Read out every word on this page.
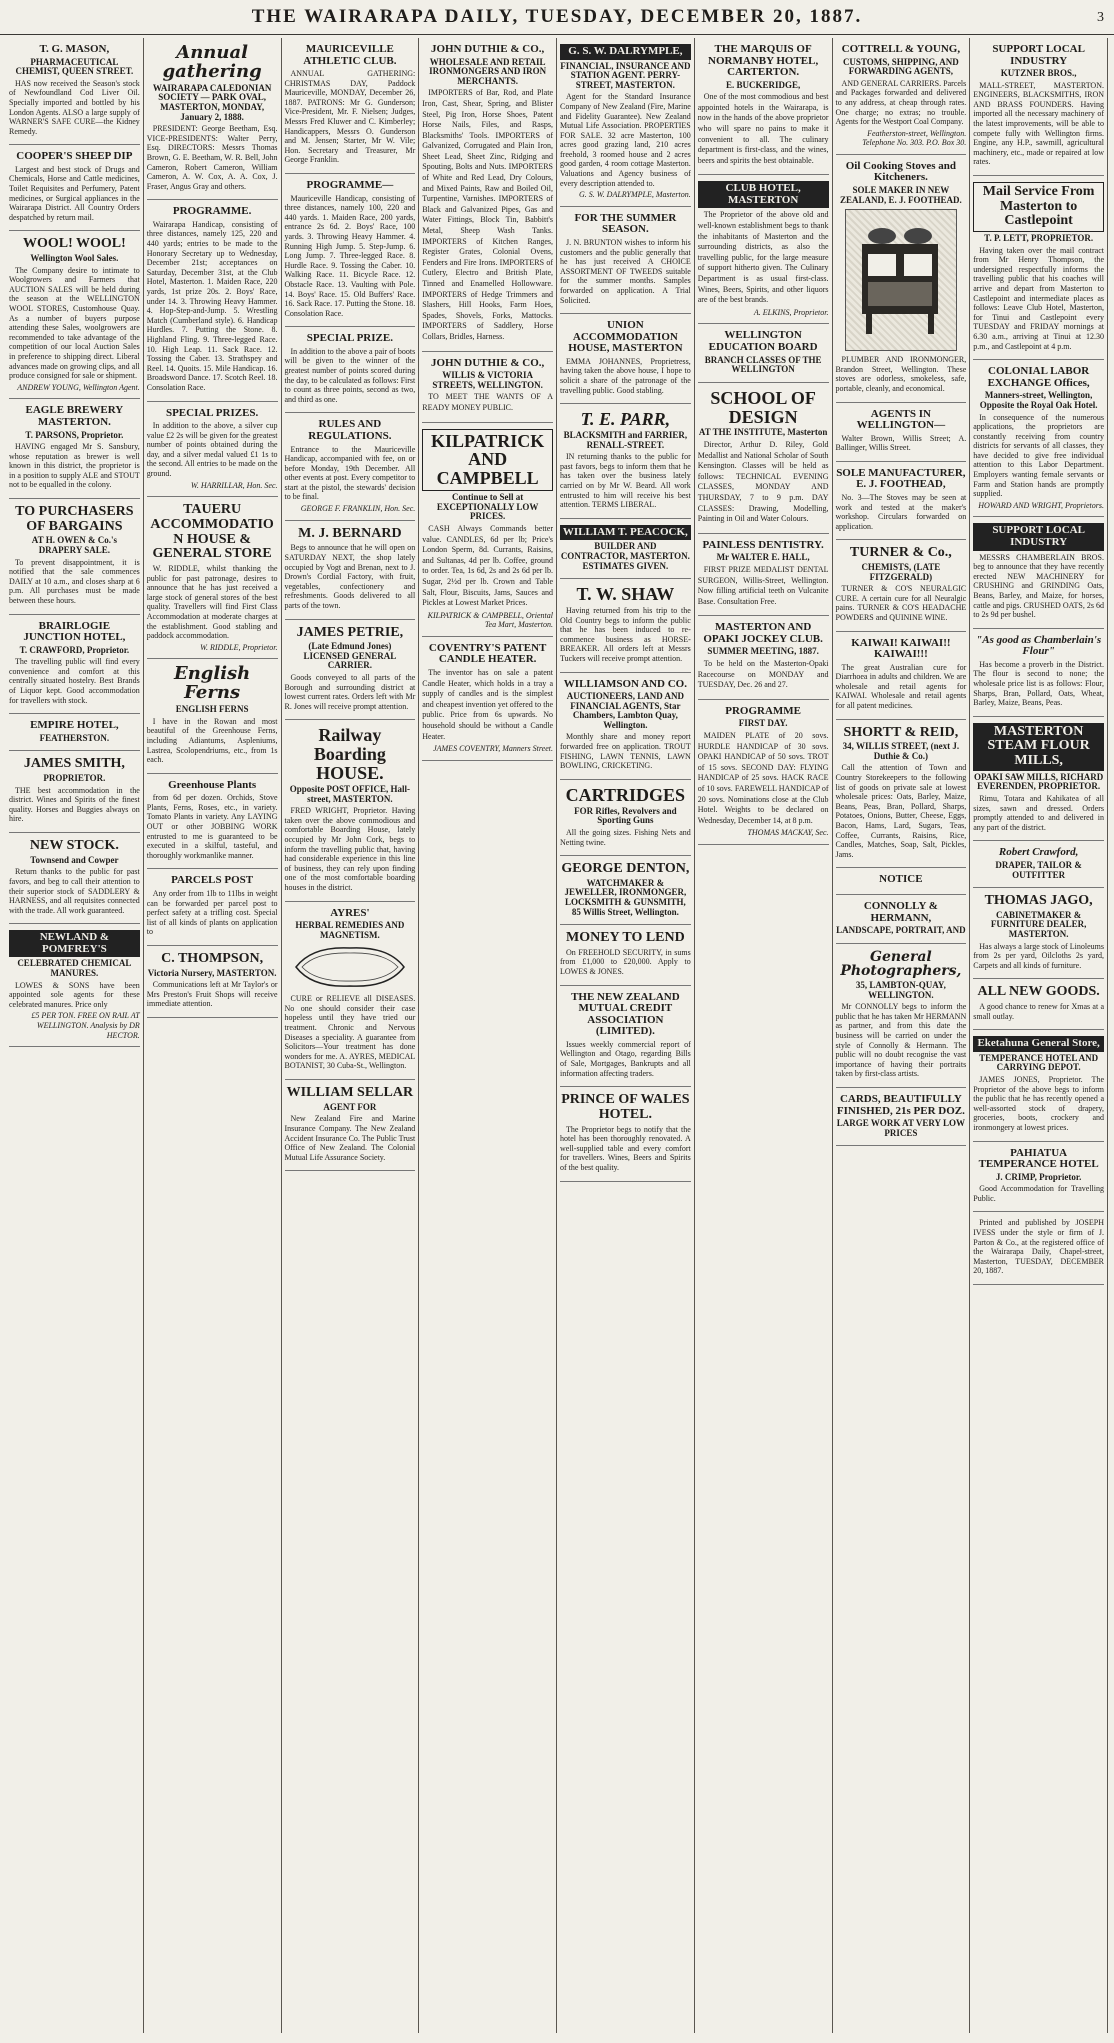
THE WAIRARAPA DAILY, TUESDAY, DECEMBER 20, 1887.	3
T. G. MASON,
PHARMACEUTICAL CHEMIST, QUEEN STREET.
HAS now received the Season's stock of Newfoundland Cod Liver Oil. Specially imported and bottled by his London Agents. ALSO a large supply of WARNER'S SAFE CURE—the Kidney Remedy.
COOPER'S SHEEP DIP
Largest and best stock of Drugs and Chemicals, Horse and Cattle medicines, Toilet Requisites and Perfumery, Patent medicines, or Surgical appliances in the Wairarapa District. All Country Orders despatched by return mail.
WOOL! WOOL!
Wellington Wool Sales.
The Company desire to intimate to Woolgrowers and Farmers that AUCTION SALES will be held during the season at the WELLINGTON WOOL STORES, Customhouse Quay. As a number of buyers purpose attending these Sales, woolgrowers are recommended to take advantage of the competition of our local Auction Sales in preference to shipping direct. Liberal advances made on growing clips, and all produce consigned for sale or shipment.
ANDREW YOUNG, Wellington Agent.
EAGLE BREWERY MASTERTON.
T. PARSONS, Proprietor.
HAVING engaged Mr S. Sansbury, whose reputation as brewer is well known in this district, the proprietor is in a position to supply ALE and STOUT not to be equalled in the colony.
TO PURCHASERS OF BARGAINS
AT H. OWEN & Co.'s DRAPERY SALE.
To prevent disappointment, it is notified that the sale commences DAILY at 10 a.m., and closes sharp at 6 p.m. All purchases must be made between these hours.
BRAIRLOGIE JUNCTION HOTEL,
T. CRAWFORD, Proprietor.
The travelling public will find every convenience and comfort at this centrally situated hostelry. Best Brands of Liquor kept. Good accommodation for travellers with stock.
EMPIRE HOTEL,
FEATHERSTON.
JAMES SMITH,
PROPRIETOR.
THE best accommodation in the district. Wines and Spirits of the finest quality. Horses and Buggies always on hire.
NEW STOCK.
Townsend and Cowper
Return thanks to the public for past favors, and beg to call their attention to their superior stock of SADDLERY & HARNESS, and all requisites connected with the trade. All work guaranteed.
NEWLAND & POMFREY'S
CELEBRATED CHEMICAL MANURES.
LOWES & SONS have been appointed sole agents for these celebrated manures. Price only
£5 PER TON. FREE ON RAIL AT WELLINGTON. Analysis by DR HECTOR.
Annual gathering
WAIRARAPA CALEDONIAN SOCIETY — PARK OVAL, MASTERTON, MONDAY, January 2, 1888.
PRESIDENT: George Beetham, Esq. VICE-PRESIDENTS: Walter Perry, Esq. DIRECTORS: Messrs Thomas Brown, G. E. Beetham, W. R. Bell, John Cameron, Robert Cameron, William Cameron, A. W. Cox, A. A. Cox, J. Fraser, Angus Gray and others.
PROGRAMME.
Wairarapa Handicap, consisting of three distances, namely 125, 220 and 440 yards; entries to be made to the Honorary Secretary up to Wednesday, December 21st; acceptances on Saturday, December 31st, at the Club Hotel, Masterton. 1. Maiden Race, 220 yards, 1st prize 20s. 2. Boys' Race, under 14. 3. Throwing Heavy Hammer. 4. Hop-Step-and-Jump. 5. Wrestling Match (Cumberland style). 6. Handicap Hurdles. 7. Putting the Stone. 8. Highland Fling. 9. Three-legged Race. 10. High Leap. 11. Sack Race. 12. Tossing the Caber. 13. Strathspey and Reel. 14. Quoits. 15. Mile Handicap. 16. Broadsword Dance. 17. Scotch Reel. 18. Consolation Race.
SPECIAL PRIZES.
In addition to the above, a silver cup value £2 2s will be given for the greatest number of points obtained during the day, and a silver medal valued £1 1s to the second. All entries to be made on the ground.
W. HARRILLAR, Hon. Sec.
TAUERU ACCOMMODATION HOUSE & GENERAL STORE
W. RIDDLE, whilst thanking the public for past patronage, desires to announce that he has just received a large stock of general stores of the best quality. Travellers will find First Class Accommodation at moderate charges at the establishment. Good stabling and paddock accommodation.
W. RIDDLE, Proprietor.
English Ferns
ENGLISH FERNS
I have in the Rowan and most beautiful of the Greenhouse Ferns, including Adiantums, Aspleniums, Lastrea, Scolopendriums, etc., from 1s each.
Greenhouse Plants
from 6d per dozen. Orchids, Stove Plants, Ferns, Roses, etc., in variety. Tomato Plants in variety. Any LAYING OUT or other JOBBING WORK entrusted to me is guaranteed to be executed in a skilful, tasteful, and thoroughly workmanlike manner.
PARCELS POST
Any order from 1lb to 11lbs in weight can be forwarded per parcel post to perfect safety at a trifling cost. Special list of all kinds of plants on application to
C. THOMPSON,
Victoria Nursery, MASTERTON.
Communications left at Mr Taylor's or Mrs Preston's Fruit Shops will receive immediate attention.
MAURICEVILLE ATHLETIC CLUB.
ANNUAL GATHERING: CHRISTMAS DAY, Paddock Mauriceville, MONDAY, December 26, 1887. PATRONS: Mr G. Gunderson; Vice-President, Mr. F. Nielsen; Judges, Messrs Fred Kluwer and C. Kimberley; Handicappers, Messrs O. Gunderson and M. Jensen; Starter, Mr W. Vile; Hon. Secretary and Treasurer, Mr George Franklin.
PROGRAMME—
Mauriceville Handicap, consisting of three distances, namely 100, 220 and 440 yards. 1. Maiden Race, 200 yards, entrance 2s 6d. 2. Boys' Race, 100 yards. 3. Throwing Heavy Hammer. 4. Running High Jump. 5. Step-Jump. 6. Long Jump. 7. Three-legged Race. 8. Hurdle Race. 9. Tossing the Caber. 10. Walking Race. 11. Bicycle Race. 12. Obstacle Race. 13. Vaulting with Pole. 14. Boys' Race. 15. Old Buffers' Race. 16. Sack Race. 17. Putting the Stone. 18. Consolation Race.
SPECIAL PRIZE.
In addition to the above a pair of boots will be given to the winner of the greatest number of points scored during the day, to be calculated as follows: First to count as three points, second as two, and third as one.
RULES AND REGULATIONS.
Entrance to the Mauriceville Handicap, accompanied with fee, on or before Monday, 19th December. All other events at post. Every competitor to start at the pistol, the stewards' decision to be final.
GEORGE F. FRANKLIN, Hon. Sec.
M. J. BERNARD
Begs to announce that he will open on SATURDAY NEXT, the shop lately occupied by Vogt and Brenan, next to J. Drown's Cordial Factory, with fruit, vegetables, confectionery and refreshments. Goods delivered to all parts of the town.
JAMES PETRIE,
(Late Edmund Jones) LICENSED GENERAL CARRIER.
Goods conveyed to all parts of the Borough and surrounding district at lowest current rates. Orders left with Mr R. Jones will receive prompt attention.
Railway Boarding HOUSE.
Opposite POST OFFICE, Hall-street, MASTERTON.
FRED WRIGHT, Proprietor. Having taken over the above commodious and comfortable Boarding House, lately occupied by Mr John Cork, begs to inform the travelling public that, having had considerable experience in this line of business, they can rely upon finding one of the most comfortable boarding houses in the district.
AYRES'
HERBAL REMEDIES AND MAGNETISM.
CURE or RELIEVE all DISEASES. No one should consider their case hopeless until they have tried our treatment. Chronic and Nervous Diseases a speciality. A guarantee from Solicitors—Your treatment has done wonders for me. A. AYRES, MEDICAL BOTANIST, 30 Cuba-St., Wellington.
WILLIAM SELLAR
AGENT FOR
New Zealand Fire and Marine Insurance Company. The New Zealand Accident Insurance Co. The Public Trust Office of New Zealand. The Colonial Mutual Life Assurance Society.
JOHN DUTHIE & CO.,
WHOLESALE AND RETAIL IRONMONGERS AND IRON MERCHANTS.
IMPORTERS of Bar, Rod, and Plate Iron, Cast, Shear, Spring, and Blister Steel, Pig Iron, Horse Shoes, Patent Horse Nails, Files, and Rasps, Blacksmiths' Tools. IMPORTERS of Galvanized, Corrugated and Plain Iron, Sheet Lead, Sheet Zinc, Ridging and Spouting, Bolts and Nuts. IMPORTERS of White and Red Lead, Dry Colours, and Mixed Paints, Raw and Boiled Oil, Turpentine, Varnishes. IMPORTERS of Black and Galvanized Pipes, Gas and Water Fittings, Block Tin, Babbitt's Metal, Sheep Wash Tanks. IMPORTERS of Kitchen Ranges, Register Grates, Colonial Ovens, Fenders and Fire Irons. IMPORTERS of Cutlery, Electro and British Plate, Tinned and Enamelled Hollowware. IMPORTERS of Hedge Trimmers and Slashers, Hill Hooks, Farm Hoes, Spades, Shovels, Forks, Mattocks. IMPORTERS of Saddlery, Horse Collars, Bridles, Harness.
JOHN DUTHIE & CO.,
WILLIS & VICTORIA STREETS, WELLINGTON.
TO MEET THE WANTS OF A READY MONEY PUBLIC.
KILPATRICK AND CAMPBELL
Continue to Sell at EXCEPTIONALLY LOW PRICES.
CASH Always Commands better value. CANDLES, 6d per lb; Price's London Sperm, 8d. Currants, Raisins, and Sultanas, 4d per lb. Coffee, ground to order. Tea, 1s 6d, 2s and 2s 6d per lb. Sugar, 2½d per lb. Crown and Table Salt, Flour, Biscuits, Jams, Sauces and Pickles at Lowest Market Prices.
KILPATRICK & CAMPBELL, Oriental Tea Mart, Masterton.
COVENTRY'S PATENT CANDLE HEATER.
The inventor has on sale a patent Candle Heater, which holds in a tray a supply of candles and is the simplest and cheapest invention yet offered to the public. Price from 6s upwards. No household should be without a Candle Heater.
JAMES COVENTRY, Manners Street.
G. S. W. DALRYMPLE,
FINANCIAL, INSURANCE AND STATION AGENT. PERRY-STREET, MASTERTON.
Agent for the Standard Insurance Company of New Zealand (Fire, Marine and Fidelity Guarantee). New Zealand Mutual Life Association. PROPERTIES FOR SALE. 32 acre Masterton, 100 acres good grazing land, 210 acres freehold, 3 roomed house and 2 acres good garden, 4 room cottage Masterton. Valuations and Agency business of every description attended to.
G. S. W. DALRYMPLE, Masterton.
FOR THE SUMMER SEASON.
J. N. BRUNTON wishes to inform his customers and the public generally that he has just received A CHOICE ASSORTMENT OF TWEEDS suitable for the summer months. Samples forwarded on application. A Trial Solicited.
UNION ACCOMMODATION HOUSE, MASTERTON
EMMA JOHANNES, Proprietress, having taken the above house, I hope to solicit a share of the patronage of the travelling public. Good stabling.
T. E. PARR,
BLACKSMITH and FARRIER, RENALL-STREET.
IN returning thanks to the public for past favors, begs to inform them that he has taken over the business lately carried on by Mr W. Beard. All work entrusted to him will receive his best attention. TERMS LIBERAL.
WILLIAM T. PEACOCK,
BUILDER AND CONTRACTOR, MASTERTON. ESTIMATES GIVEN.
T. W. SHAW
Having returned from his trip to the Old Country begs to inform the public that he has been induced to re-commence business as HORSE-BREAKER. All orders left at Messrs Tuckers will receive prompt attention.
WILLIAMSON AND CO.
AUCTIONEERS, LAND AND FINANCIAL AGENTS, Star Chambers, Lambton Quay, Wellington.
Monthly share and money report forwarded free on application. TROUT FISHING, LAWN TENNIS, LAWN BOWLING, CRICKETING.
CARTRIDGES
FOR Rifles, Revolvers and Sporting Guns
All the going sizes. Fishing Nets and Netting twine.
GEORGE DENTON,
WATCHMAKER & JEWELLER, IRONMONGER, LOCKSMITH & GUNSMITH, 85 Willis Street, Wellington.
MONEY TO LEND
On FREEHOLD SECURITY, in sums from £1,000 to £20,000. Apply to LOWES & JONES.
THE NEW ZEALAND MUTUAL CREDIT ASSOCIATION (LIMITED).
Issues weekly commercial report of Wellington and Otago, regarding Bills of Sale, Mortgages, Bankrupts and all information affecting traders.
PRINCE OF WALES HOTEL.
The Proprietor begs to notify that the hotel has been thoroughly renovated. A well-supplied table and every comfort for travellers. Wines, Beers and Spirits of the best quality.
THE MARQUIS OF NORMANBY HOTEL, CARTERTON.
E. BUCKERIDGE,
One of the most commodious and best appointed hotels in the Wairarapa, is now in the hands of the above proprietor who will spare no pains to make it convenient to all. The culinary department is first-class, and the wines, beers and spirits the best obtainable.
CLUB HOTEL, MASTERTON
The Proprietor of the above old and well-known establishment begs to thank the inhabitants of Masterton and the surrounding districts, as also the travelling public, for the large measure of support hitherto given. The Culinary Department is as usual first-class. Wines, Beers, Spirits, and other liquors are of the best brands.
A. ELKINS, Proprietor.
WELLINGTON EDUCATION BOARD
BRANCH CLASSES OF THE WELLINGTON
SCHOOL OF DESIGN
AT THE INSTITUTE, Masterton
Director, Arthur D. Riley, Gold Medallist and National Scholar of South Kensington. Classes will be held as follows: TECHNICAL EVENING CLASSES, MONDAY AND THURSDAY, 7 to 9 p.m. DAY CLASSES: Drawing, Modelling, Painting in Oil and Water Colours.
PAINLESS DENTISTRY.
Mr WALTER E. HALL,
FIRST PRIZE MEDALIST DENTAL SURGEON, Willis-Street, Wellington. Now filling artificial teeth on Vulcanite Base. Consultation Free.
MASTERTON AND OPAKI JOCKEY CLUB.
SUMMER MEETING, 1887.
To be held on the Masterton-Opaki Racecourse on MONDAY and TUESDAY, Dec. 26 and 27.
PROGRAMME
FIRST DAY.
MAIDEN PLATE of 20 sovs. HURDLE HANDICAP of 30 sovs. OPAKI HANDICAP of 50 sovs. TROT of 15 sovs. SECOND DAY: FLYING HANDICAP of 25 sovs. HACK RACE of 10 sovs. FAREWELL HANDICAP of 20 sovs. Nominations close at the Club Hotel. Weights to be declared on Wednesday, December 14, at 8 p.m.
THOMAS MACKAY, Sec.
COTTRELL & YOUNG,
CUSTOMS, SHIPPING, AND FORWARDING AGENTS,
AND GENERAL CARRIERS. Parcels and Packages forwarded and delivered to any address, at cheap through rates. One charge; no extras; no trouble. Agents for the Westport Coal Company.
Featherston-street, Wellington. Telephone No. 303. P.O. Box 30.
Oil Cooking Stoves and Kitcheners.
SOLE MAKER IN NEW ZEALAND, E. J. FOOTHEAD.
PLUMBER AND IRONMONGER, Brandon Street, Wellington. These stoves are odorless, smokeless, safe, portable, cleanly, and economical.
AGENTS IN WELLINGTON—
Walter Brown, Willis Street; A. Ballinger, Willis Street.
SOLE MANUFACTURER, E. J. FOOTHEAD,
No. 3—The Stoves may be seen at work and tested at the maker's workshop. Circulars forwarded on application.
TURNER & Co.,
CHEMISTS, (LATE FITZGERALD)
TURNER & CO'S NEURALGIC CURE. A certain cure for all Neuralgic pains. TURNER & CO'S HEADACHE POWDERS and QUININE WINE.
KAIWAI! KAIWAI!! KAIWAI!!!
The great Australian cure for Diarrhoea in adults and children. We are wholesale and retail agents for KAIWAI. Wholesale and retail agents for all patent medicines.
SHORTT & REID,
34, WILLIS STREET, (next J. Duthie & Co.)
Call the attention of Town and Country Storekeepers to the following list of goods on private sale at lowest wholesale prices: Oats, Barley, Maize, Beans, Peas, Bran, Pollard, Sharps, Potatoes, Onions, Butter, Cheese, Eggs, Bacon, Hams, Lard, Sugars, Teas, Coffee, Currants, Raisins, Rice, Candles, Matches, Soap, Salt, Pickles, Jams.
NOTICE
CONNOLLY & HERMANN,
LANDSCAPE, PORTRAIT, AND
General Photographers,
35, LAMBTON-QUAY, WELLINGTON.
Mr CONNOLLY begs to inform the public that he has taken Mr HERMANN as partner, and from this date the business will be carried on under the style of Connolly & Hermann. The public will no doubt recognise the vast importance of having their portraits taken by first-class artists.
CARDS, BEAUTIFULLY FINISHED, 21s PER DOZ.
LARGE WORK AT VERY LOW PRICES
SUPPORT LOCAL INDUSTRY
KUTZNER BROS.,
MALL-STREET, MASTERTON. ENGINEERS, BLACKSMITHS, IRON AND BRASS FOUNDERS. Having imported all the necessary machinery of the latest improvements, will be able to compete fully with Wellington firms. Engine, any H.P., sawmill, agricultural machinery, etc., made or repaired at low rates.
Mail Service From Masterton to Castlepoint
T. P. LETT, PROPRIETOR.
Having taken over the mail contract from Mr Henry Thompson, the undersigned respectfully informs the travelling public that his coaches will arrive and depart from Masterton to Castlepoint and intermediate places as follows: Leave Club Hotel, Masterton, for Tinui and Castlepoint every TUESDAY and FRIDAY mornings at 6.30 a.m., arriving at Tinui at 12.30 p.m., and Castlepoint at 4 p.m.
COLONIAL LABOR EXCHANGE Offices,
Manners-street, Wellington, Opposite the Royal Oak Hotel.
In consequence of the numerous applications, the proprietors are constantly receiving from country districts for servants of all classes, they have decided to give free individual attention to this Labor Department. Employers wanting female servants or Farm and Station hands are promptly supplied.
HOWARD AND WRIGHT, Proprietors.
SUPPORT LOCAL INDUSTRY
MESSRS CHAMBERLAIN BROS. beg to announce that they have recently erected NEW MACHINERY for CRUSHING and GRINDING Oats, Beans, Barley, and Maize, for horses, cattle and pigs. CRUSHED OATS, 2s 6d to 2s 9d per bushel.
"As good as Chamberlain's Flour"
Has become a proverb in the District. The flour is second to none; the wholesale price list is as follows: Flour, Sharps, Bran, Pollard, Oats, Wheat, Barley, Maize, Beans, Peas.
MASTERTON STEAM FLOUR MILLS,
OPAKI SAW MILLS, RICHARD EVERENDEN, PROPRIETOR.
Rimu, Totara and Kahikatea of all sizes, sawn and dressed. Orders promptly attended to and delivered in any part of the district.
Robert Crawford,
DRAPER, TAILOR & OUTFITTER
THOMAS JAGO,
CABINETMAKER & FURNITURE DEALER, MASTERTON.
Has always a large stock of Linoleums from 2s per yard, Oilcloths 2s yard, Carpets and all kinds of furniture.
ALL NEW GOODS.
A good chance to renew for Xmas at a small outlay.
Eketahuna General Store,
TEMPERANCE HOTEL AND CARRYING DEPOT.
JAMES JONES, Proprietor. The Proprietor of the above begs to inform the public that he has recently opened a well-assorted stock of drapery, groceries, boots, crockery and ironmongery at lowest prices.
PAHIATUA TEMPERANCE HOTEL
J. CRIMP, Proprietor.
Good Accommodation for Travelling Public.
Printed and published by JOSEPH IVESS under the style or firm of J. Parton & Co., at the registered office of the Wairarapa Daily, Chapel-street, Masterton, TUESDAY, DECEMBER 20, 1887.
